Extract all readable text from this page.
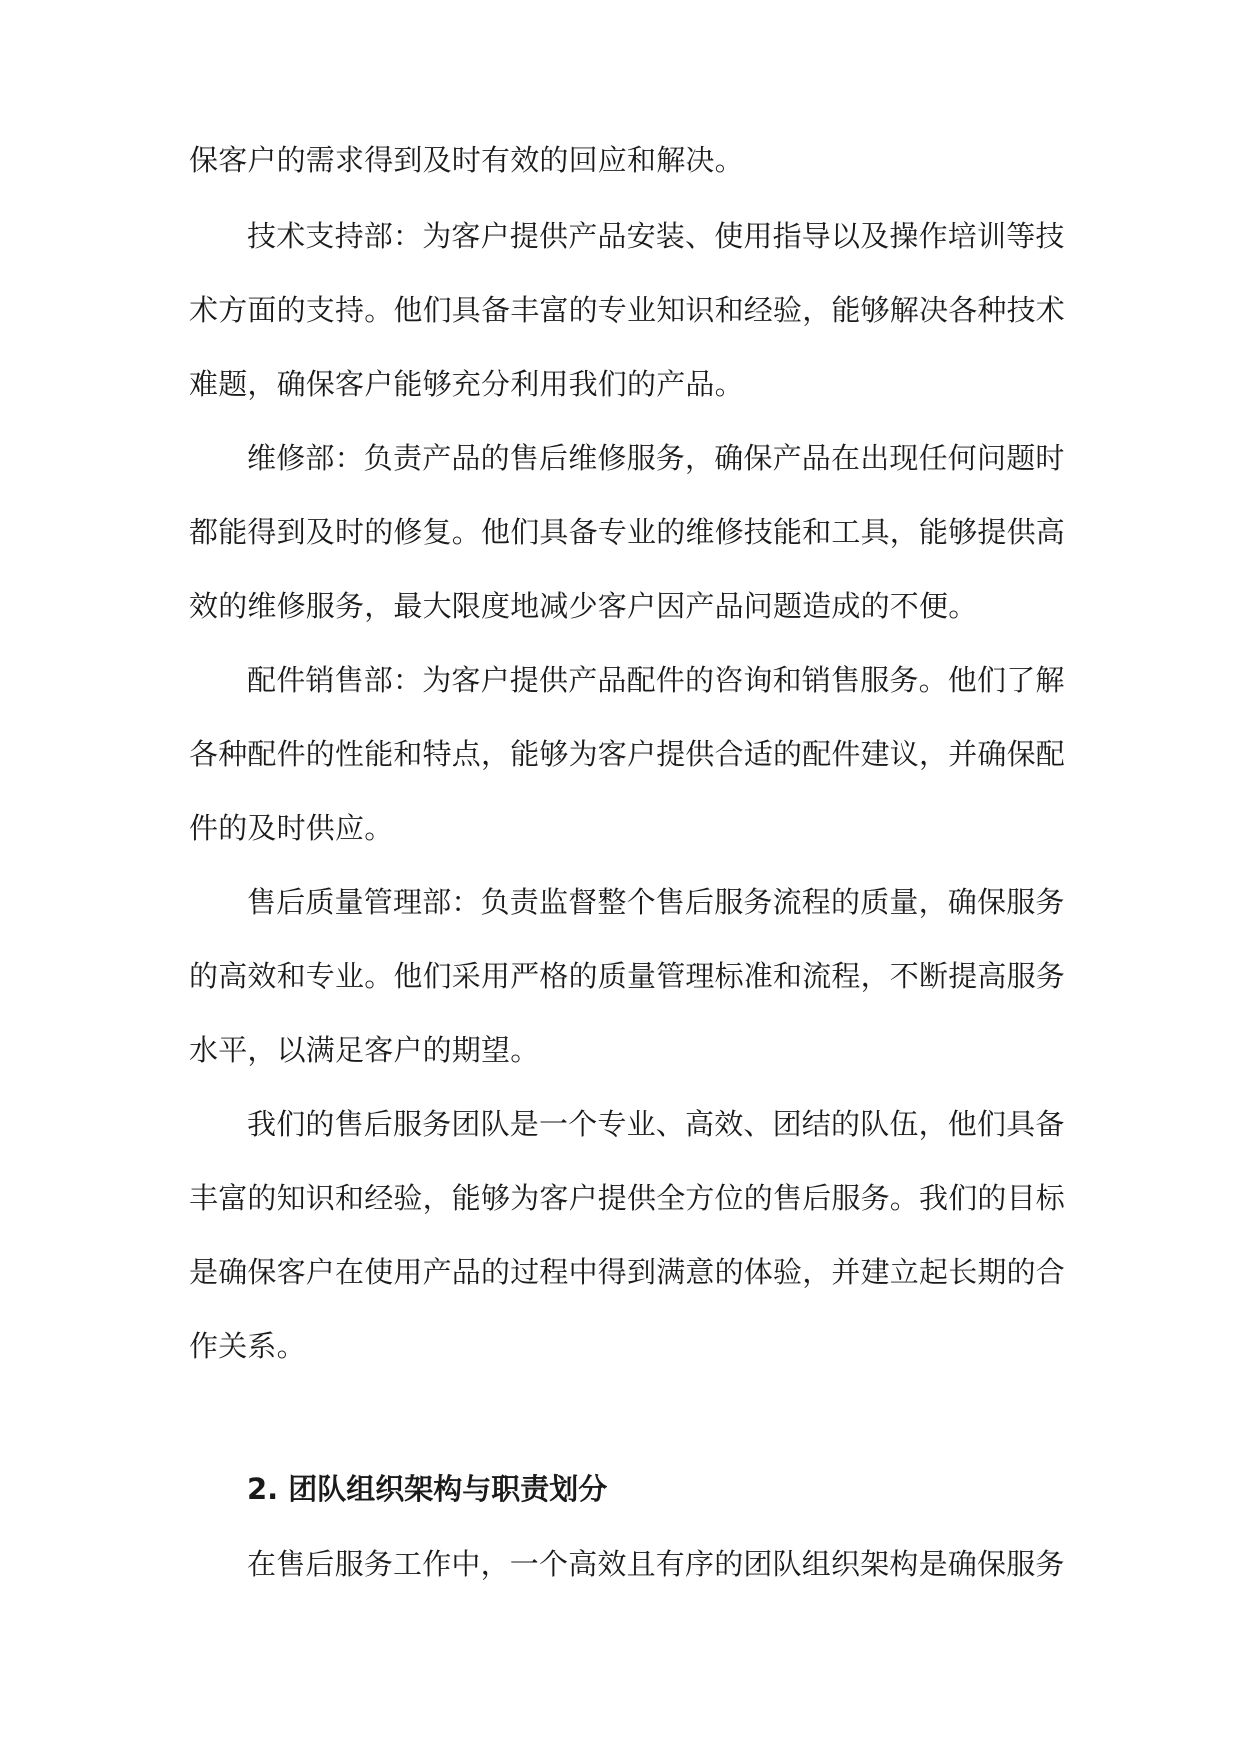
保客户的需求得到及时有效的回应和解决。
技术支持部：为客户提供产品安装、使用指导以及操作培训等技
术方面的支持。他们具备丰富的专业知识和经验，能够解决各种技术
难题，确保客户能够充分利用我们的产品。
维修部：负责产品的售后维修服务，确保产品在出现任何问题时
都能得到及时的修复。他们具备专业的维修技能和工具，能够提供高
效的维修服务，最大限度地减少客户因产品问题造成的不便。
配件销售部：为客户提供产品配件的咨询和销售服务。他们了解
各种配件的性能和特点，能够为客户提供合适的配件建议，并确保配
件的及时供应。
售后质量管理部：负责监督整个售后服务流程的质量，确保服务
的高效和专业。他们采用严格的质量管理标准和流程，不断提高服务
水平，以满足客户的期望。
我们的售后服务团队是一个专业、高效、团结的队伍，他们具备
丰富的知识和经验，能够为客户提供全方位的售后服务。我们的目标
是确保客户在使用产品的过程中得到满意的体验，并建立起长期的合
作关系。
2. 团队组织架构与职责划分
在售后服务工作中，一个高效且有序的团队组织架构是确保服务
